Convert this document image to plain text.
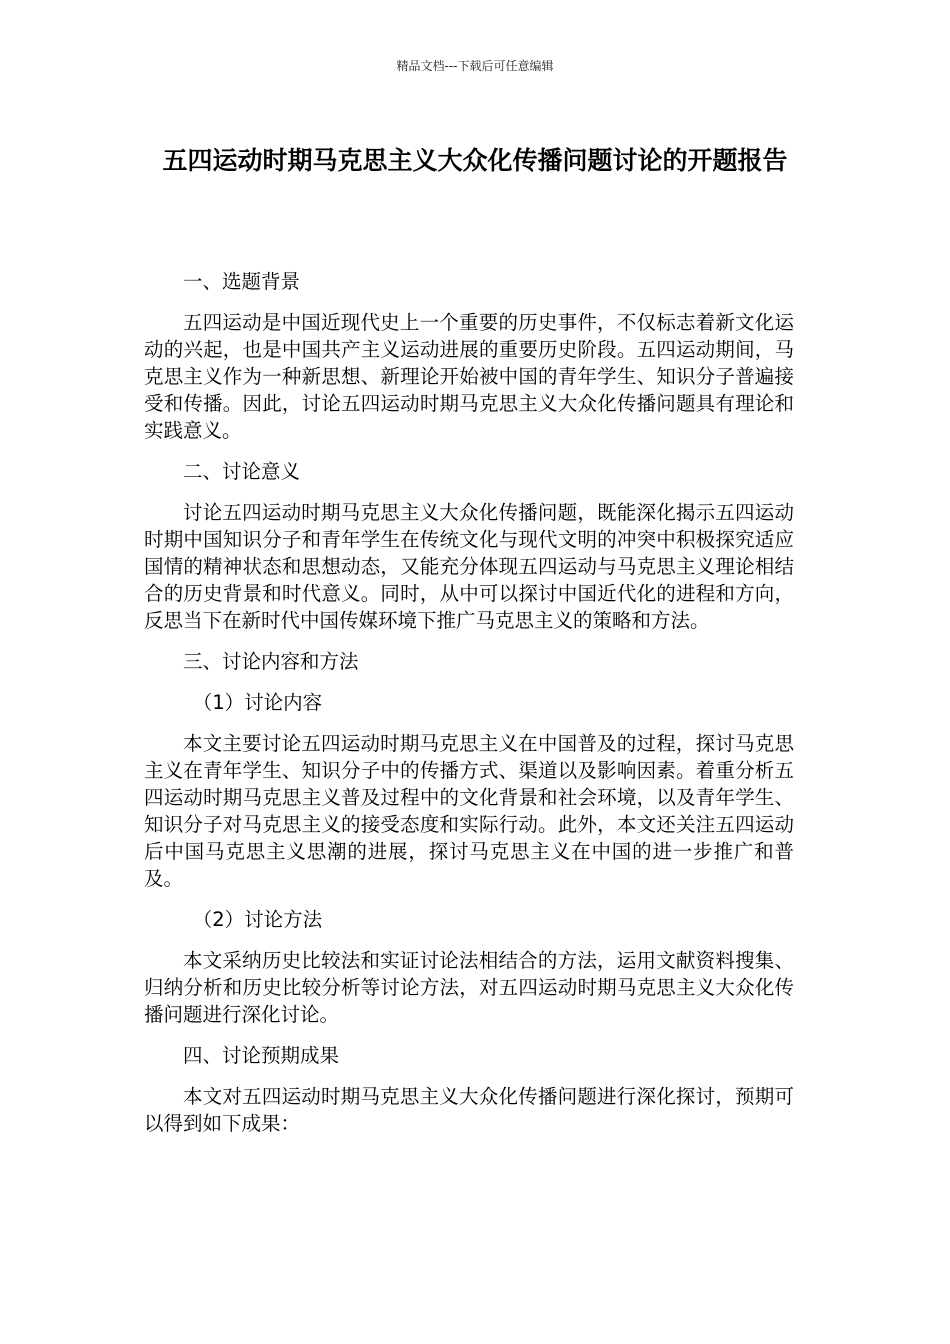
精品文档---下载后可任意编辑
五四运动时期马克思主义大众化传播问题讨论的开题报告

一、选题背景

五四运动是中国近现代史上一个重要的历史事件，不仅标志着新文化运动的兴起，也是中国共产主义运动进展的重要历史阶段。五四运动期间，马克思主义作为一种新思想、新理论开始被中国的青年学生、知识分子普遍接受和传播。因此，讨论五四运动时期马克思主义大众化传播问题具有理论和实践意义。

二、讨论意义

讨论五四运动时期马克思主义大众化传播问题，既能深化揭示五四运动时期中国知识分子和青年学生在传统文化与现代文明的冲突中积极探究适应国情的精神状态和思想动态，又能充分体现五四运动与马克思主义理论相结合的历史背景和时代意义。同时，从中可以探讨中国近代化的进程和方向，反思当下在新时代中国传媒环境下推广马克思主义的策略和方法。

三、讨论内容和方法

（1）讨论内容

本文主要讨论五四运动时期马克思主义在中国普及的过程，探讨马克思主义在青年学生、知识分子中的传播方式、渠道以及影响因素。着重分析五四运动时期马克思主义普及过程中的文化背景和社会环境，以及青年学生、知识分子对马克思主义的接受态度和实际行动。此外，本文还关注五四运动后中国马克思主义思潮的进展，探讨马克思主义在中国的进一步推广和普及。

（2）讨论方法

本文采纳历史比较法和实证讨论法相结合的方法，运用文献资料搜集、归纳分析和历史比较分析等讨论方法，对五四运动时期马克思主义大众化传播问题进行深化讨论。

四、讨论预期成果

本文对五四运动时期马克思主义大众化传播问题进行深化探讨，预期可以得到如下成果：
